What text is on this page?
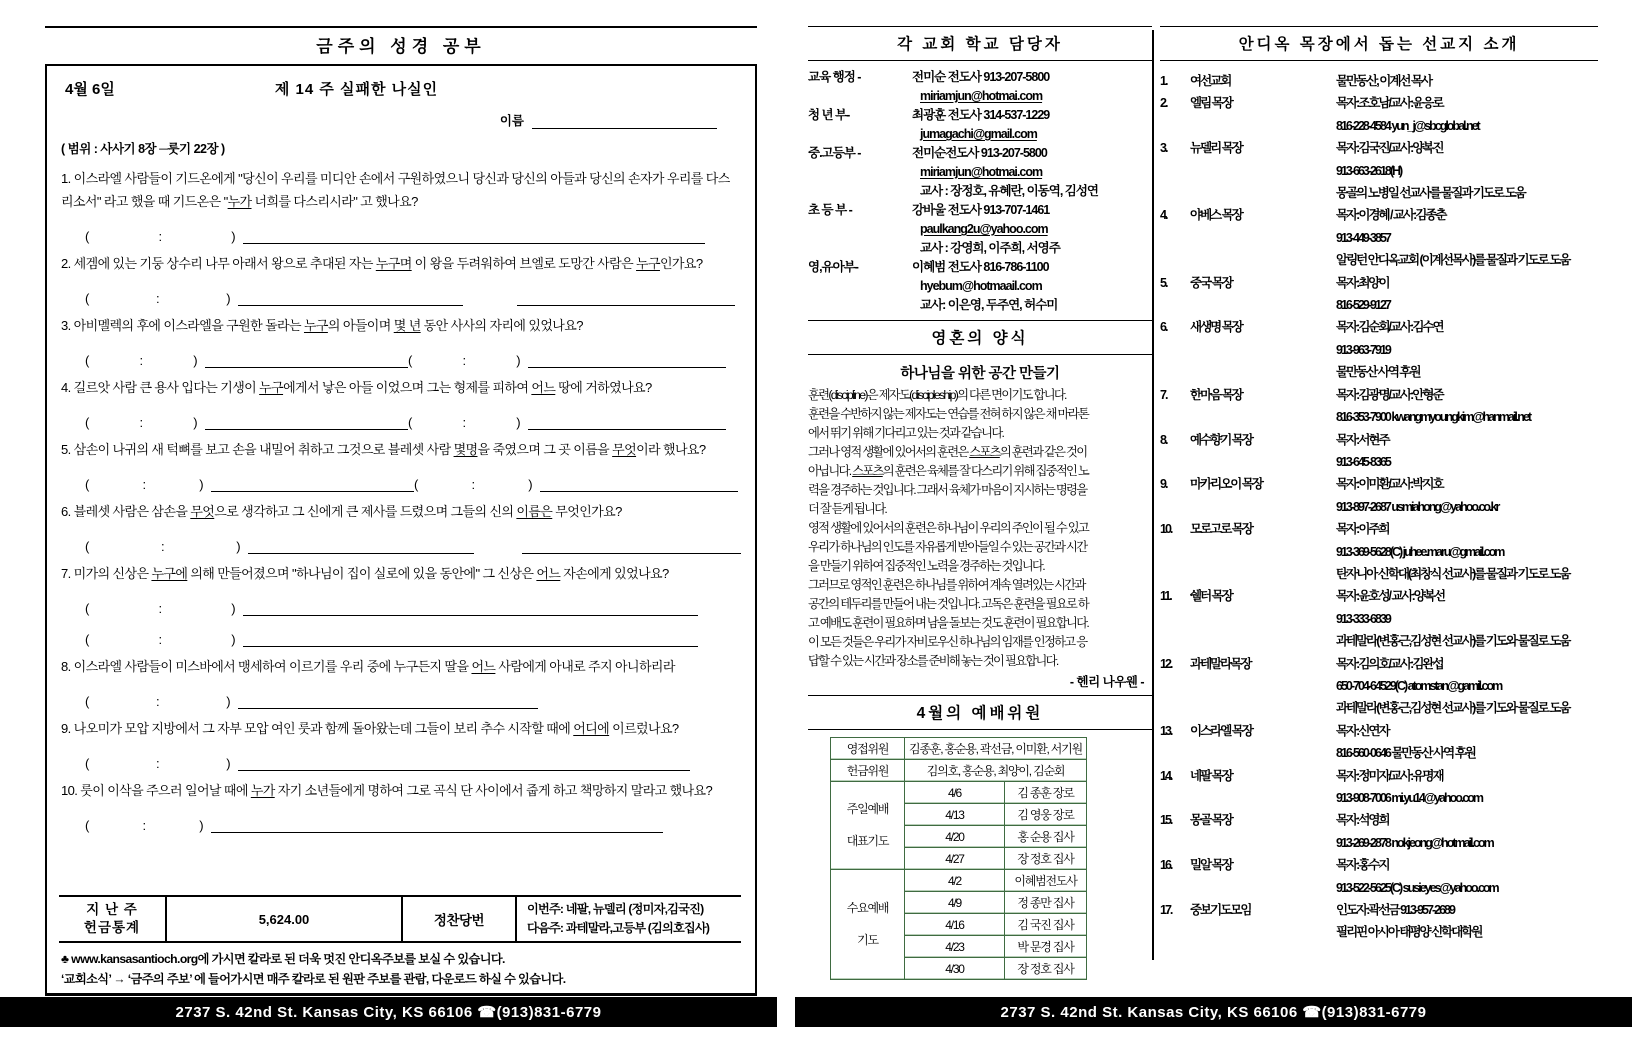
금주의 성경 공부
4월 6일	제 14 주 실패한 나실인
이름
( 범위 : 사사기 8장 ─룻기 22장 )
1. 이스라엘 사람들이 기드온에게 "당신이 우리를 미디안 손에서 구원하였으니 당신과 당신의 아들과 당신의 손자가 우리를 다스리소서" 라고 했을 때 기드온은 "누가 너희를 다스리시라" 고 했나요?
(	:	)
2. 세겜에 있는 기둥 상수리 나무 아래서 왕으로 추대된 자는 누구며 이 왕을 두려워하여 브엘로 도망간 사람은 누구인가요?
(	:	)
3. 아비멜렉의 후에 이스라엘을 구원한 돌라는 누구의 아들이며 몇 년 동안 사사의 자리에 있었나요?
(	:	)	(	:	)
4. 길르앗 사람 큰 용사 입다는 기생이 누구에게서 낳은 아들 이었으며 그는 형제를 피하여 어느 땅에 거하였나요?
(	:	)	(	:	)
5. 삼손이 나귀의 새 턱뼈를 보고 손을 내밀어 취하고 그것으로 블레셋 사람 몇명을 죽였으며 그 곳 이름을 무엇이라 했나요?
(	:	)	(	:	)
6. 블레셋 사람은 삼손을 무엇으로 생각하고 그 신에게 큰 제사를 드렸으며 그들의 신의 이름은 무엇인가요?
(	:	)
7. 미가의 신상은 누구에 의해 만들어졌으며 "하나님이 집이 실로에 있을 동안에" 그 신상은 어느 자손에게 있었나요?
(	:	)
(	:	)
8. 이스라엘 사람들이 미스바에서 맹세하여 이르기를 우리 중에 누구든지 딸을 어느 사람에게 아내로 주지 아니하리라
(	:	)
9. 나오미가 모압 지방에서 그 자부 모압 여인 룻과 함께 돌아왔는데 그들이 보리 추수 시작할 때에 어디에 이르렀나요?
(	:	)
10. 룻이 이삭을 주으러 일어날 때에 누가 자기 소년들에게 명하여 그로 곡식 단 사이에서 줍게 하고 책망하지 말라고 했나요?
(	:	)
지 난 주
헌금통계
5,624.00	정찬당번
이번주: 네팔, 뉴델리 (정미자,김국진)
다음주: 과테말라,고등부 (김의호집사)
♣ www.kansasantioch.org에 가시면 칼라로 된 더욱 멋진 안디옥주보를 보실 수 있습니다.
‘교회소식’ → ‘금주의 주보’ 에 들어가시면 매주 칼라로 된 원판 주보를 관람, 다운로드 하실 수 있습니다.
각 교회 학교 담당자
교육 행정 -	전미순 전도사 913-207-5800
miriamjun@hotmai.com
청 년 부-	최광훈 전도사 314-537-1229
jumagachi@gmail.com
중.고등부 -	전미순전도사 913-207-5800
miriamjun@hotmai.com
교사 : 장정호, 유혜란, 이동역, 김성연
초 등 부 -	강바울 전도사 913-707-1461
paulkang2u@yahoo.com
교사 : 강영희, 이주희, 서영주
영,유아부-	이혜범 전도사 816-786-1100
hyebum@hotmaail.com
교사: 이은영, 두주연, 허수미
영혼의 양식
하나님을 위한 공간 만들기
훈련(discipline)은 제자도(discipleship)의 다른 면이기도 합니다.
훈련을 수반하지 않는 제자도는 연습를 전혀 하지 않은 채 마라톤
에서 뛰기 위해 기다리고 있는 것과 같습니다.
그러나 영적 생활에 있어서의 훈련은 스포츠의 훈련과 같은 것이
아닙니다. 스포츠의 훈련은 육체를 잘 다스리기 위해 집중적인 노
력을 경주하는 것입니다. 그래서 육체가 마음이 지시하는 명령을
더 잘 듣게 됩니다.
영적 생활에 있어서의 훈련은 하나님이 우리의 주인이 될 수 있고
우리가 하나님의 인도를 자유롭게 받아들일 수 있는 공간과 시간
을 만들기 위하여 집중적인 노력을 경주하는 것입니다.
그러므로 영적인 훈련은 하나님를 위하여 계속 열려있는 시간과
공간의 테두리를 만들어 내는 것입니다. 고독은 훈련을 필요로 하
고 예배도 훈련이 필요하며 남을 돌보는 것도 훈련이 필요합니다.
이 모든 것들은 우리가 자비로우신 하나님의 임재를 인정하고 응
답할 수 있는 시간과 장소를 준비해 놓는 것이 필요합니다.
- 헨리 나우웬 -
4월의 예배위원
영접위원	김종훈, 홍순용, 곽선금, 이미환, 서기원	
헌금위원	김의호, 홍순용, 최양이, 김순회	
주일예배
대표기도	4/6	김 종훈 장로
	4/13	김 영웅 장로
	4/20	홍 순용 집사
	4/27	장 정호 집사
수요예배
기도	4/2	이혜범전도사
	4/9	정 종만 집사
	4/16	김 국진 집사
	4/23	박 문경 집사
	4/30	장 정호 집사
안디옥 목장에서 돕는 선교지 소개
1.	여선교회	물만동산, 이계선 목사
2.	엘림 목장	목자:조호남/교사:윤응로
816-228-4584 yun_j@sbcglobal.net
3.	뉴델리 목장	목자:김국진/교사:양복진
913-663-2618(H)
몽골의 노병일 선교사를 물질과 기도로 도움
4.	야베스 목장	목자:이경혜 / 교사:김종춘
913-449-3857
알링턴 안디옥교회 (이계선목사)를 물질과 기도로 도움
5.	중국 목장	목자:최양이
816-529-9127
6.	새생명 목장	목자:김순회/교사:김수연
913-963-7919
물만동산 사역 후원
7.	한마음 목장	목자:김광명/교사:안형준
816-353-7900 kwangmyoungkim@hanmail.net
8.	예수향기 목장	목자:서현주
913-645-8365
9.	마카리오이 목장	목자:이미환/교사:박지호
913-897-2687 usmiahong@yahoo.co.kr
10.	모로고로 목장	목자:이주희
913-369-5628(C) juhee.maru@gmail.com
탄자니아 신학대(최창식 선교사)를 물질과 기도로 도움
11.	쉘터 목장	목자:윤호성/ 교사:양복선
913-333-6839
과테말라(변홍근,김성현 선교사)를 기도와 물질로 도움
12.	과테말라목장	목자:김의호/교사:김완섭
650-704-64529(C) atomstan@gamil.com
과테말라(변홍근,김성현 선교사)를 기도와 물질로 도움
13.	이스라엘 목장	목자:신연자
816-560-0646 물만동산 사역 후원
14.	네팔 목장	목자:정미자/교사:유명재
913-908-7006 mi.yu14@yahoo.com
15.	몽골 목장	목자:석영희
913-269-2878 nokjeong@hotmail.com
16.	밀알 목장	목자:홍수지
913-522-5625(C) susieyes@yahoo.com
17.	중보기도모임	인도자:곽선금 913-957-2689
필리핀 아시아 태평양 신학대학원
2737 S. 42nd St. Kansas City, KS 66106 ☎(913)831-6779	2737 S. 42nd St. Kansas City, KS 66106 ☎(913)831-6779
